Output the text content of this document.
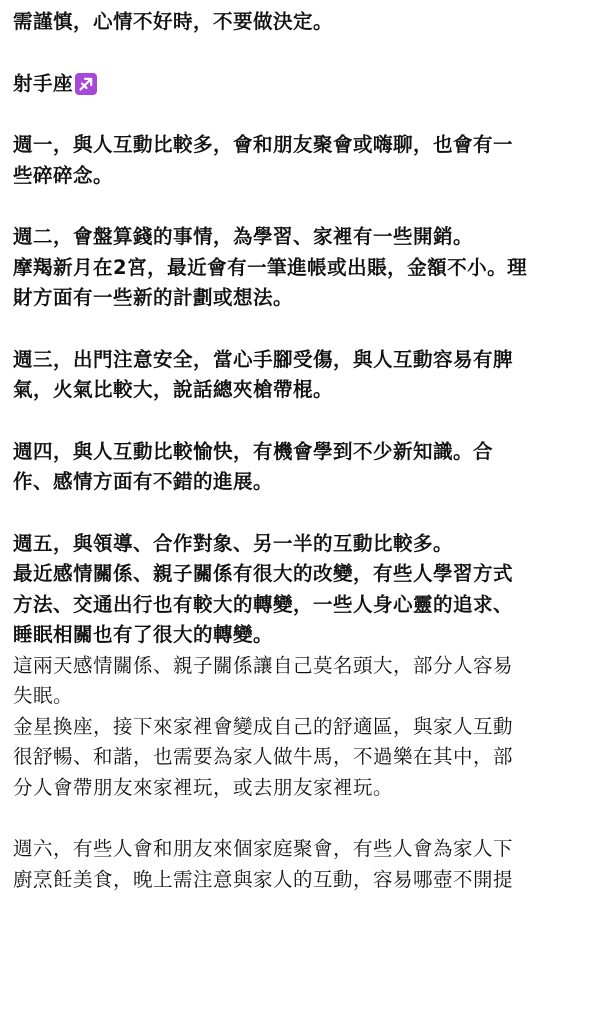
需謹慎，心情不好時，不要做決定。
射手座
週一，與人互動比較多，會和朋友聚會或嗨聊，也會有一
些碎碎念。
週二，會盤算錢的事情，為學習、家裡有一些開銷。
摩羯新月在2宮，最近會有一筆進帳或出賬，金額不小。理
財方面有一些新的計劃或想法。
週三，出門注意安全，當心手腳受傷，與人互動容易有脾
氣，火氣比較大，說話總夾槍帶棍。
週四，與人互動比較愉快，有機會學到不少新知識。合
作、感情方面有不錯的進展。
週五，與領導、合作對象、另一半的互動比較多。
最近感情關係、親子關係有很大的改變，有些人學習方式
方法、交通出行也有較大的轉變，一些人身心靈的追求、
睡眠相關也有了很大的轉變。
這兩天感情關係、親子關係讓自己莫名頭大，部分人容易
失眠。
金星換座，接下來家裡會變成自己的舒適區，與家人互動
很舒暢、和諧，也需要為家人做牛馬，不過樂在其中，部
分人會帶朋友來家裡玩，或去朋友家裡玩。
週六，有些人會和朋友來個家庭聚會，有些人會為家人下
廚烹飪美食，晚上需注意與家人的互動，容易哪壺不開提
